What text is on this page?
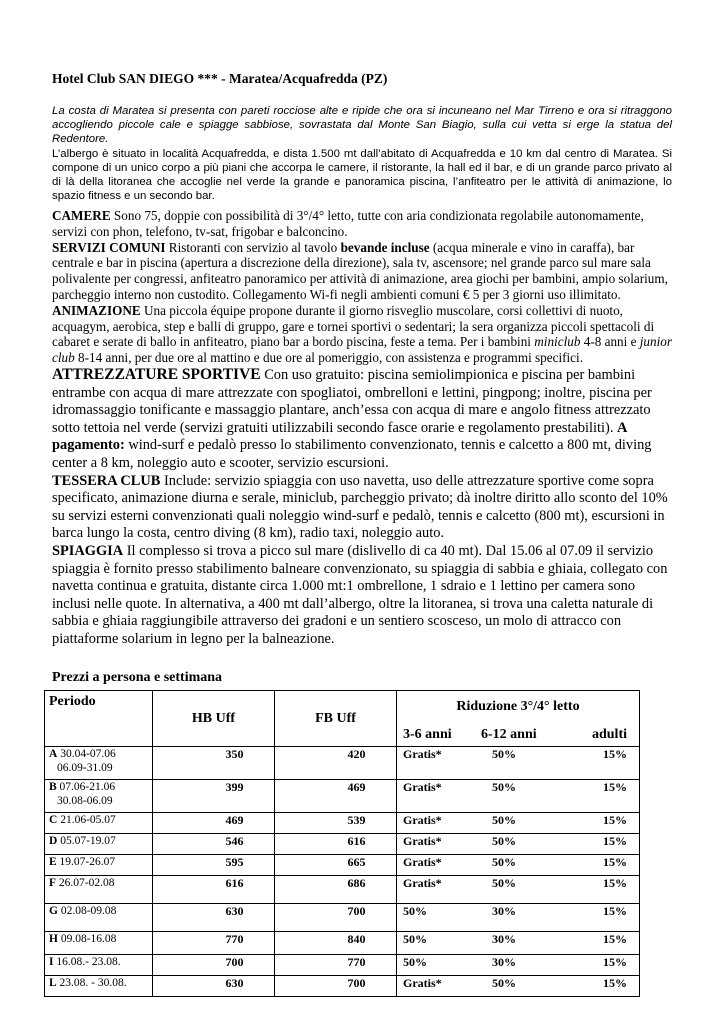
Hotel Club SAN DIEGO *** - Maratea/Acquafredda (PZ)

La costa di Maratea si presenta con pareti rocciose alte e ripide che ora si incuneano nel Mar Tirreno e ora si ritraggono accogliendo piccole cale e spiagge sabbiose, sovrastata dal Monte San Biagio, sulla cui vetta si erge la statua del Redentore.

L’albergo è situato in località Acquafredda, e dista 1.500 mt dall’abitato di Acquafredda e 10 km dal centro di Maratea. Si compone di un unico corpo a più piani che accorpa le camere, il ristorante, la hall ed il bar, e di un grande parco privato al di là della litoranea che accoglie nel verde la grande e panoramica piscina, l’anfiteatro per le attività di animazione, lo spazio fitness e un secondo bar.

CAMERE Sono 75, doppie con possibilità di 3°/4° letto, tutte con aria condizionata regolabile autonomamente, servizi con phon, telefono, tv-sat, frigobar e balconcino.

SERVIZI COMUNI Ristoranti con servizio al tavolo bevande incluse (acqua minerale e vino in caraffa), bar centrale e bar in piscina (apertura a discrezione della direzione), sala tv, ascensore; nel grande parco sul mare sala polivalente per congressi, anfiteatro panoramico per attività di animazione, area giochi per bambini, ampio solarium, parcheggio interno non custodito. Collegamento Wi-fi negli ambienti comuni € 5 per 3 giorni uso illimitato.

ANIMAZIONE Una piccola équipe propone durante il giorno risveglio muscolare, corsi collettivi di nuoto, acquagym, aerobica, step e balli di gruppo, gare e tornei sportivi o sedentari; la sera organizza piccoli spettacoli di cabaret e serate di ballo in anfiteatro, piano bar a bordo piscina, feste a tema. Per i bambini miniclub 4-8 anni e junior club 8-14 anni, per due ore al mattino e due ore al pomeriggio, con assistenza e programmi specifici.

ATTREZZATURE SPORTIVE Con uso gratuito: piscina semiolimpionica e piscina per bambini entrambe con acqua di mare attrezzate con spogliatoi, ombrelloni e lettini, pingpong; inoltre, piscina per idromassaggio tonificante e massaggio plantare, anch’essa con acqua di mare e angolo fitness attrezzato sotto tettoia nel verde (servizi gratuiti utilizzabili secondo fasce orarie e regolamento prestabiliti). A pagamento: wind-surf e pedalò presso lo stabilimento convenzionato, tennis e calcetto a 800 mt, diving center a 8 km, noleggio auto e scooter, servizio escursioni.

TESSERA CLUB Include: servizio spiaggia con uso navetta, uso delle attrezzature sportive come sopra specificato, animazione diurna e serale, miniclub, parcheggio privato; dà inoltre diritto allo sconto del 10% su servizi esterni convenzionati quali noleggio wind-surf e pedalò, tennis e calcetto (800 mt), escursioni in barca lungo la costa, centro diving (8 km), radio taxi, noleggio auto.

SPIAGGIA Il complesso si trova a picco sul mare (dislivello di ca 40 mt). Dal 15.06 al 07.09 il servizio spiaggia è fornito presso stabilimento balneare convenzionato, su spiaggia di sabbia e ghiaia, collegato con navetta continua e gratuita, distante circa 1.000 mt:1 ombrellone, 1 sdraio e 1 lettino per camera sono inclusi nelle quote. In alternativa, a 400 mt dall’albergo, oltre la litoranea, si trova una caletta naturale di sabbia e ghiaia raggiungibile attraverso dei gradoni e un sentiero scosceso, un molo di attracco con piattaforme solarium in legno per la balneazione.

Prezzi a persona e settimana
Periodo	HB Uff	FB Uff	Riduzione 3°/4° letto

			3-6 anni 6-12 anni adulti

A 30.04-07.06
06.09-31.09	350	420	Gratis* 50% 15%

B 07.06-21.06
30.08-06.09	399	469	Gratis* 50% 15%

C 21.06-05.07	469	539	Gratis* 50% 15%

D 05.07-19.07	546	616	Gratis* 50% 15%

E 19.07-26.07	595	665	Gratis* 50% 15%

F 26.07-02.08	616	686	Gratis* 50% 15%

G 02.08-09.08	630	700	50% 30% 15%

H 09.08-16.08	770	840	50% 30% 15%

I 16.08.- 23.08.	700	770	50% 30% 15%

L 23.08. - 30.08.	630	700	Gratis* 50% 15%
